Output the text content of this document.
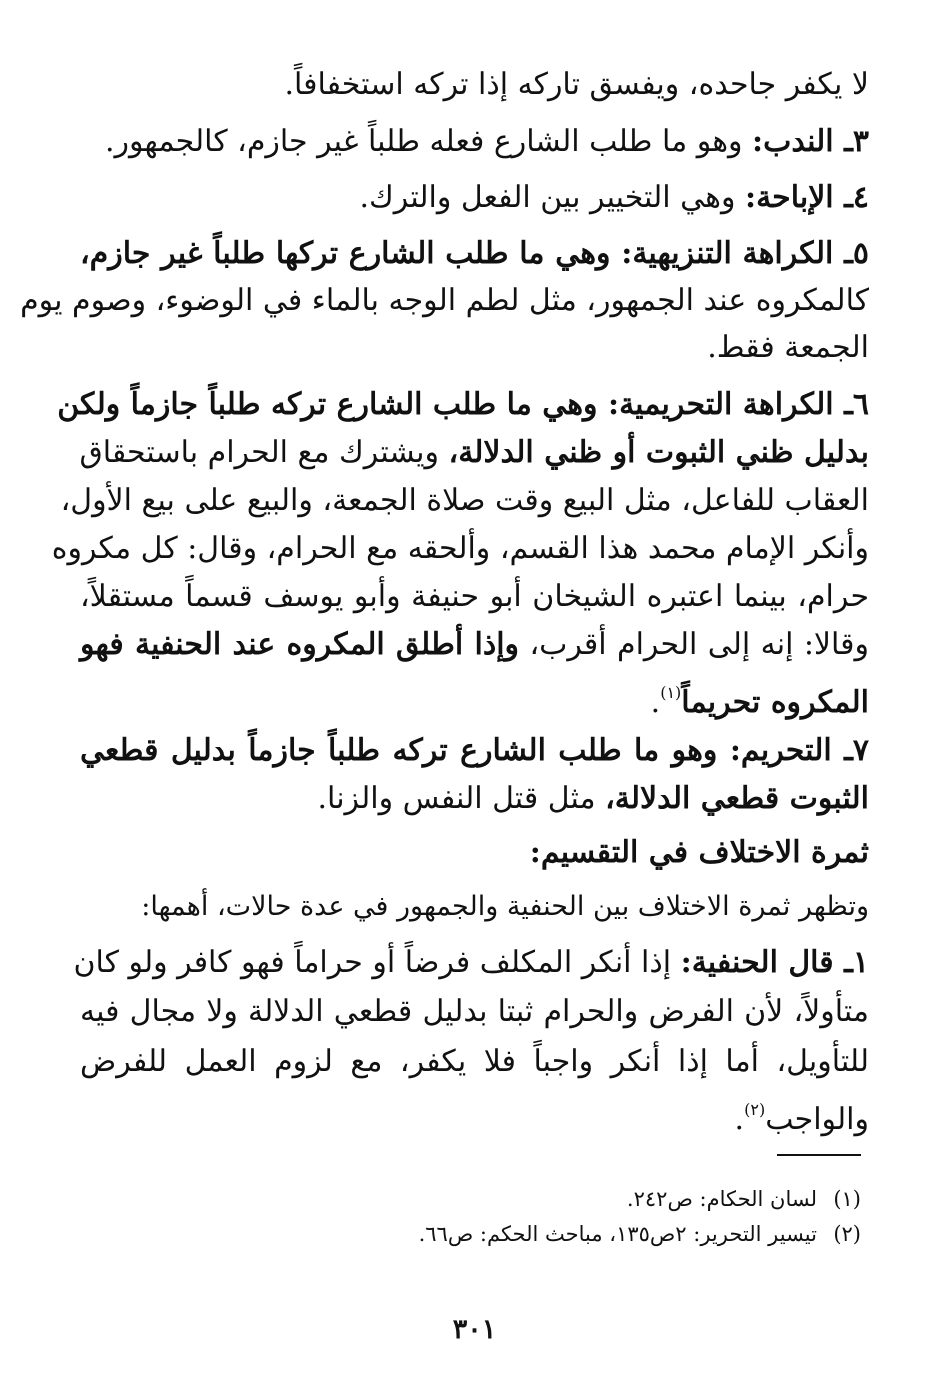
لا يكفر جاحده، ويفسق تاركه إذا تركه استخفافاً.
٣ـ الندب: وهو ما طلب الشارع فعله طلباً غير جازم، كالجمهور.
٤ـ الإباحة: وهي التخيير بين الفعل والترك.
٥ـ الكراهة التنزيهية: وهي ما طلب الشارع تركها طلباً غير جازم،
كالمكروه عند الجمهور، مثل لطم الوجه بالماء في الوضوء، وصوم يوم
الجمعة فقط.
٦ـ الكراهة التحريمية: وهي ما طلب الشارع تركه طلباً جازماً ولكن
بدليل ظني الثبوت أو ظني الدلالة، ويشترك مع الحرام باستحقاق
العقاب للفاعل، مثل البيع وقت صلاة الجمعة، والبيع على بيع الأول،
وأنكر الإمام محمد هذا القسم، وألحقه مع الحرام، وقال: كل مكروه
حرام، بينما اعتبره الشيخان أبو حنيفة وأبو يوسف قسماً مستقلاً،
وقالا: إنه إلى الحرام أقرب، وإذا أطلق المكروه عند الحنفية فهو
المكروه تحريماً$^{(١)}$.
٧ـ التحريم: وهو ما طلب الشارع تركه طلباً جازماً بدليل قطعي
الثبوت قطعي الدلالة، مثل قتل النفس والزنا.
ثمرة الاختلاف في التقسيم:
وتظهر ثمرة الاختلاف بين الحنفية والجمهور في عدة حالات، أهمها:
١ـ قال الحنفية: إذا أنكر المكلف فرضاً أو حراماً فهو كافر ولو كان
متأولاً، لأن الفرض والحرام ثبتا بدليل قطعي الدلالة ولا مجال فيه
للتأويل، أما إذا أنكر واجباً فلا يكفر، مع لزوم العمل للفرض
والواجب$^{(٢)}$.
(١)لسان الحكام: ص٢٤٢.
(٢)تيسير التحرير: ٢ص١٣٥، مباحث الحكم: ص٦٦.
٣٠١
